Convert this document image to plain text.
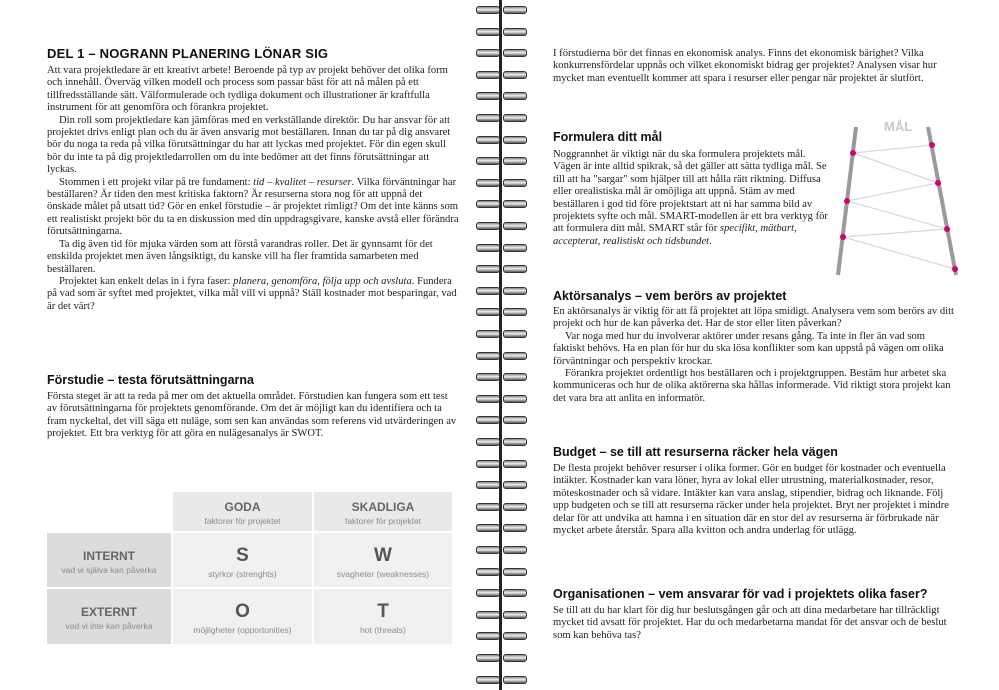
DEL 1 – NOGRANN PLANERING LÖNAR SIG

Att vara projektledare är ett kreativt arbete! Beroende på typ av projekt behöver det olika form och innehåll. Överväg vilken modell och process som passar bäst för att nå målen på ett tillfredsställande sätt. Välformulerade och tydliga dokument och illustrationer är kraftfulla instrument för att genomföra och förankra projektet.

Din roll som projektledare kan jämföras med en verkställande direktör. Du har ansvar för att projektet drivs enligt plan och du är även ansvarig mot beställaren. Innan du tar på dig ansvaret bör du noga ta reda på vilka förutsättningar du har att lyckas med projektet. För din egen skull bör du inte ta på dig projektledarrollen om du inte bedömer att det finns förutsättningar att lyckas.

Stommen i ett projekt vilar på tre fundament: tid – kvalitet – resurser. Vilka förväntningar har beställaren? Är tiden den mest kritiska faktorn? Är resurserna stora nog för att uppnå det önskade målet på utsatt tid? Gör en enkel förstudie – är projektet rimligt? Om det inte känns som ett realistiskt projekt bör du ta en diskussion med din uppdragsgivare, kanske avstå eller förändra förutsättningarna.

Ta dig även tid för mjuka värden som att förstå varandras roller. Det är gynnsamt för det enskilda projektet men även långsiktigt, du kanske vill ha fler framtida samarbeten med beställaren.

Projektet kan enkelt delas in i fyra faser: planera, genomföra, följa upp och avsluta. Fundera på vad som är syftet med projektet, vilka mål vill vi uppnå? Ställ kostnader mot besparingar, vad är det värt?

Förstudie – testa förutsättningarna

Första steget är att ta reda på mer om det aktuella området. Förstudien kan fungera som ett test av förutsättningarna för projektets genomförande. Om det är möjligt kan du identifiera och ta fram nyckeltal, det vill säga ett nuläge, som sen kan användas som referens vid utvärderingen av projektet. Ett bra verktyg för att göra en nulägesanalys är SWOT.

GODA
faktorer för projektet
SKADLIGA
faktorer för projektet
INTERNT
vad vi själva kan påverka
S
styrkor (strenghts)
W
svagheter (weaknesses)
EXTERNT
vad vi inte kan påverka
O
möjligheter (opportunities)
T
hot (threats)

I förstudierna bör det finnas en ekonomisk analys. Finns det ekonomisk bärighet? Vilka konkurrensfördelar uppnås och vilket ekonomiskt bidrag ger projektet? Analysen visar hur mycket man eventuellt kommer att spara i resurser eller pengar när projektet är slutfört.

Formulera ditt mål

Noggrannhet är viktigt när du ska formulera projektets mål. Vägen är inte alltid spikrak, så det gäller att sätta tydliga mål. Se till att ha "sargar" som hjälper till att hålla rätt riktning. Diffusa eller orealistiska mål är omöjliga att uppnå. Stäm av med beställaren i god tid före projektstart att ni har samma bild av projektets syfte och mål. SMART-modellen är ett bra verktyg för att formulera ditt mål. SMART står för specifikt, mätbart, accepterat, realistiskt och tidsbundet.

Aktörsanalys – vem berörs av projektet

En aktörsanalys är viktig för att få projektet att löpa smidigt. Analysera vem som berörs av ditt projekt och hur de kan påverka det. Har de stor eller liten påverkan?

Var noga med hur du involverar aktörer under resans gång. Ta inte in fler än vad som faktiskt behövs. Ha en plan för hur du ska lösa konflikter som kan uppstå på vägen om olika förväntningar och perspektiv krockar.

Förankra projektet ordentligt hos beställaren och i projektgruppen. Bestäm hur arbetet ska kommuniceras och hur de olika aktörerna ska hållas informerade. Vid riktigt stora projekt kan det vara bra att anlita en informatör.

Budget – se till att resurserna räcker hela vägen

De flesta projekt behöver resurser i olika former. Gör en budget för kostnader och eventuella intäkter. Kostnader kan vara löner, hyra av lokal eller utrustning, materialkostnader, resor, möteskostnader och så vidare. Intäkter kan vara anslag, stipendier, bidrag och liknande. Följ upp budgeten och se till att resurserna räcker under hela projektet. Bryt ner projektet i mindre delar för att undvika att hamna i en situation där en stor del av resurserna är förbrukade när mycket arbete återstår. Spara alla kvitton och andra underlag för utlägg.

Organisationen – vem ansvarar för vad i projektets olika faser?

Se till att du har klart för dig hur beslutsgången går och att dina medarbetare har tillräckligt mycket tid avsatt för projektet. Har du och medarbetarna mandat för det ansvar och de beslut som kan behöva tas?

MÅL
